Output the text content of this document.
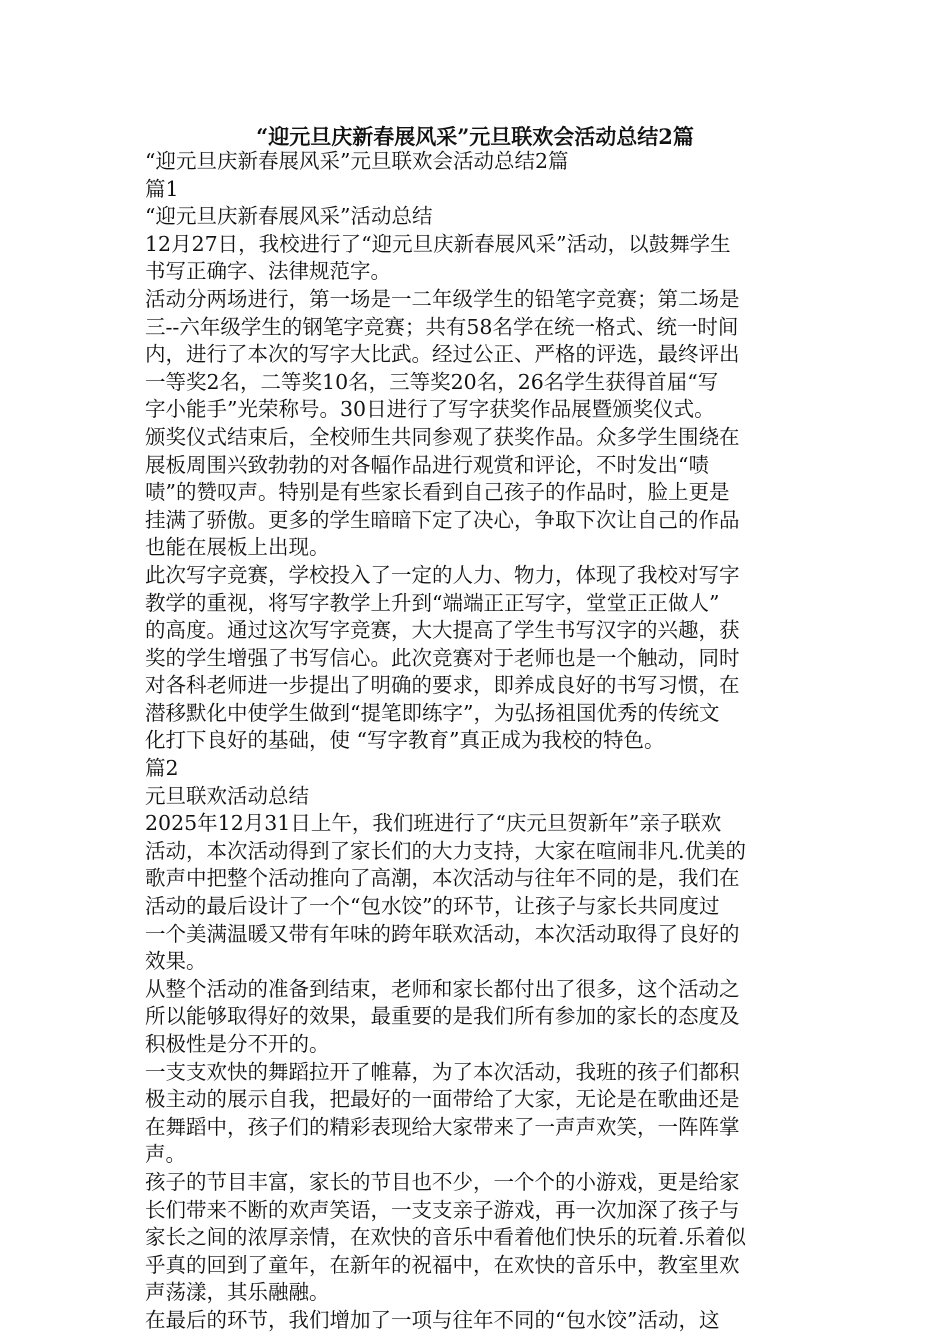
“迎元旦庆新春展风采”元旦联欢会活动总结2篇
“迎元旦庆新春展风采”元旦联欢会活动总结2篇
篇1
“迎元旦庆新春展风采”活动总结
12月27日，我校进行了“迎元旦庆新春展风采”活动，以鼓舞学生
书写正确字、法律规范字。
活动分两场进行，第一场是一二年级学生的铅笔字竞赛；第二场是
三--六年级学生的钢笔字竞赛；共有58名学在统一格式、统一时间
内，进行了本次的写字大比武。经过公正、严格的评选，最终评出
一等奖2名，二等奖10名，三等奖20名，26名学生获得首届“写
字小能手”光荣称号。30日进行了写字获奖作品展暨颁奖仪式。
颁奖仪式结束后，全校师生共同参观了获奖作品。众多学生围绕在
展板周围兴致勃勃的对各幅作品进行观赏和评论，不时发出“啧
啧”的赞叹声。特别是有些家长看到自己孩子的作品时，脸上更是
挂满了骄傲。更多的学生暗暗下定了决心，争取下次让自己的作品
也能在展板上出现。
此次写字竞赛，学校投入了一定的人力、物力，体现了我校对写字
教学的重视，将写字教学上升到“端端正正写字，堂堂正正做人”
的高度。通过这次写字竞赛，大大提高了学生书写汉字的兴趣，获
奖的学生增强了书写信心。此次竞赛对于老师也是一个触动，同时
对各科老师进一步提出了明确的要求，即养成良好的书写习惯，在
潜移默化中使学生做到“提笔即练字”，为弘扬祖国优秀的传统文
化打下良好的基础，使 “写字教育”真正成为我校的特色。
篇2
元旦联欢活动总结
2025年12月31日上午，我们班进行了“庆元旦贺新年”亲子联欢
活动，本次活动得到了家长们的大力支持，大家在喧闹非凡.优美的
歌声中把整个活动推向了高潮，本次活动与往年不同的是，我们在
活动的最后设计了一个“包水饺”的环节，让孩子与家长共同度过
一个美满温暖又带有年味的跨年联欢活动，本次活动取得了良好的
效果。
从整个活动的准备到结束，老师和家长都付出了很多，这个活动之
所以能够取得好的效果，最重要的是我们所有参加的家长的态度及
积极性是分不开的。
一支支欢快的舞蹈拉开了帷幕，为了本次活动，我班的孩子们都积
极主动的展示自我，把最好的一面带给了大家，无论是在歌曲还是
在舞蹈中，孩子们的精彩表现给大家带来了一声声欢笑，一阵阵掌
声。
孩子的节目丰富，家长的节目也不少，一个个的小游戏，更是给家
长们带来不断的欢声笑语，一支支亲子游戏，再一次加深了孩子与
家长之间的浓厚亲情，在欢快的音乐中看着他们快乐的玩着.乐着似
乎真的回到了童年，在新年的祝福中，在欢快的音乐中，教室里欢
声荡漾，其乐融融。
在最后的环节，我们增加了一项与往年不同的“包水饺”活动，这
